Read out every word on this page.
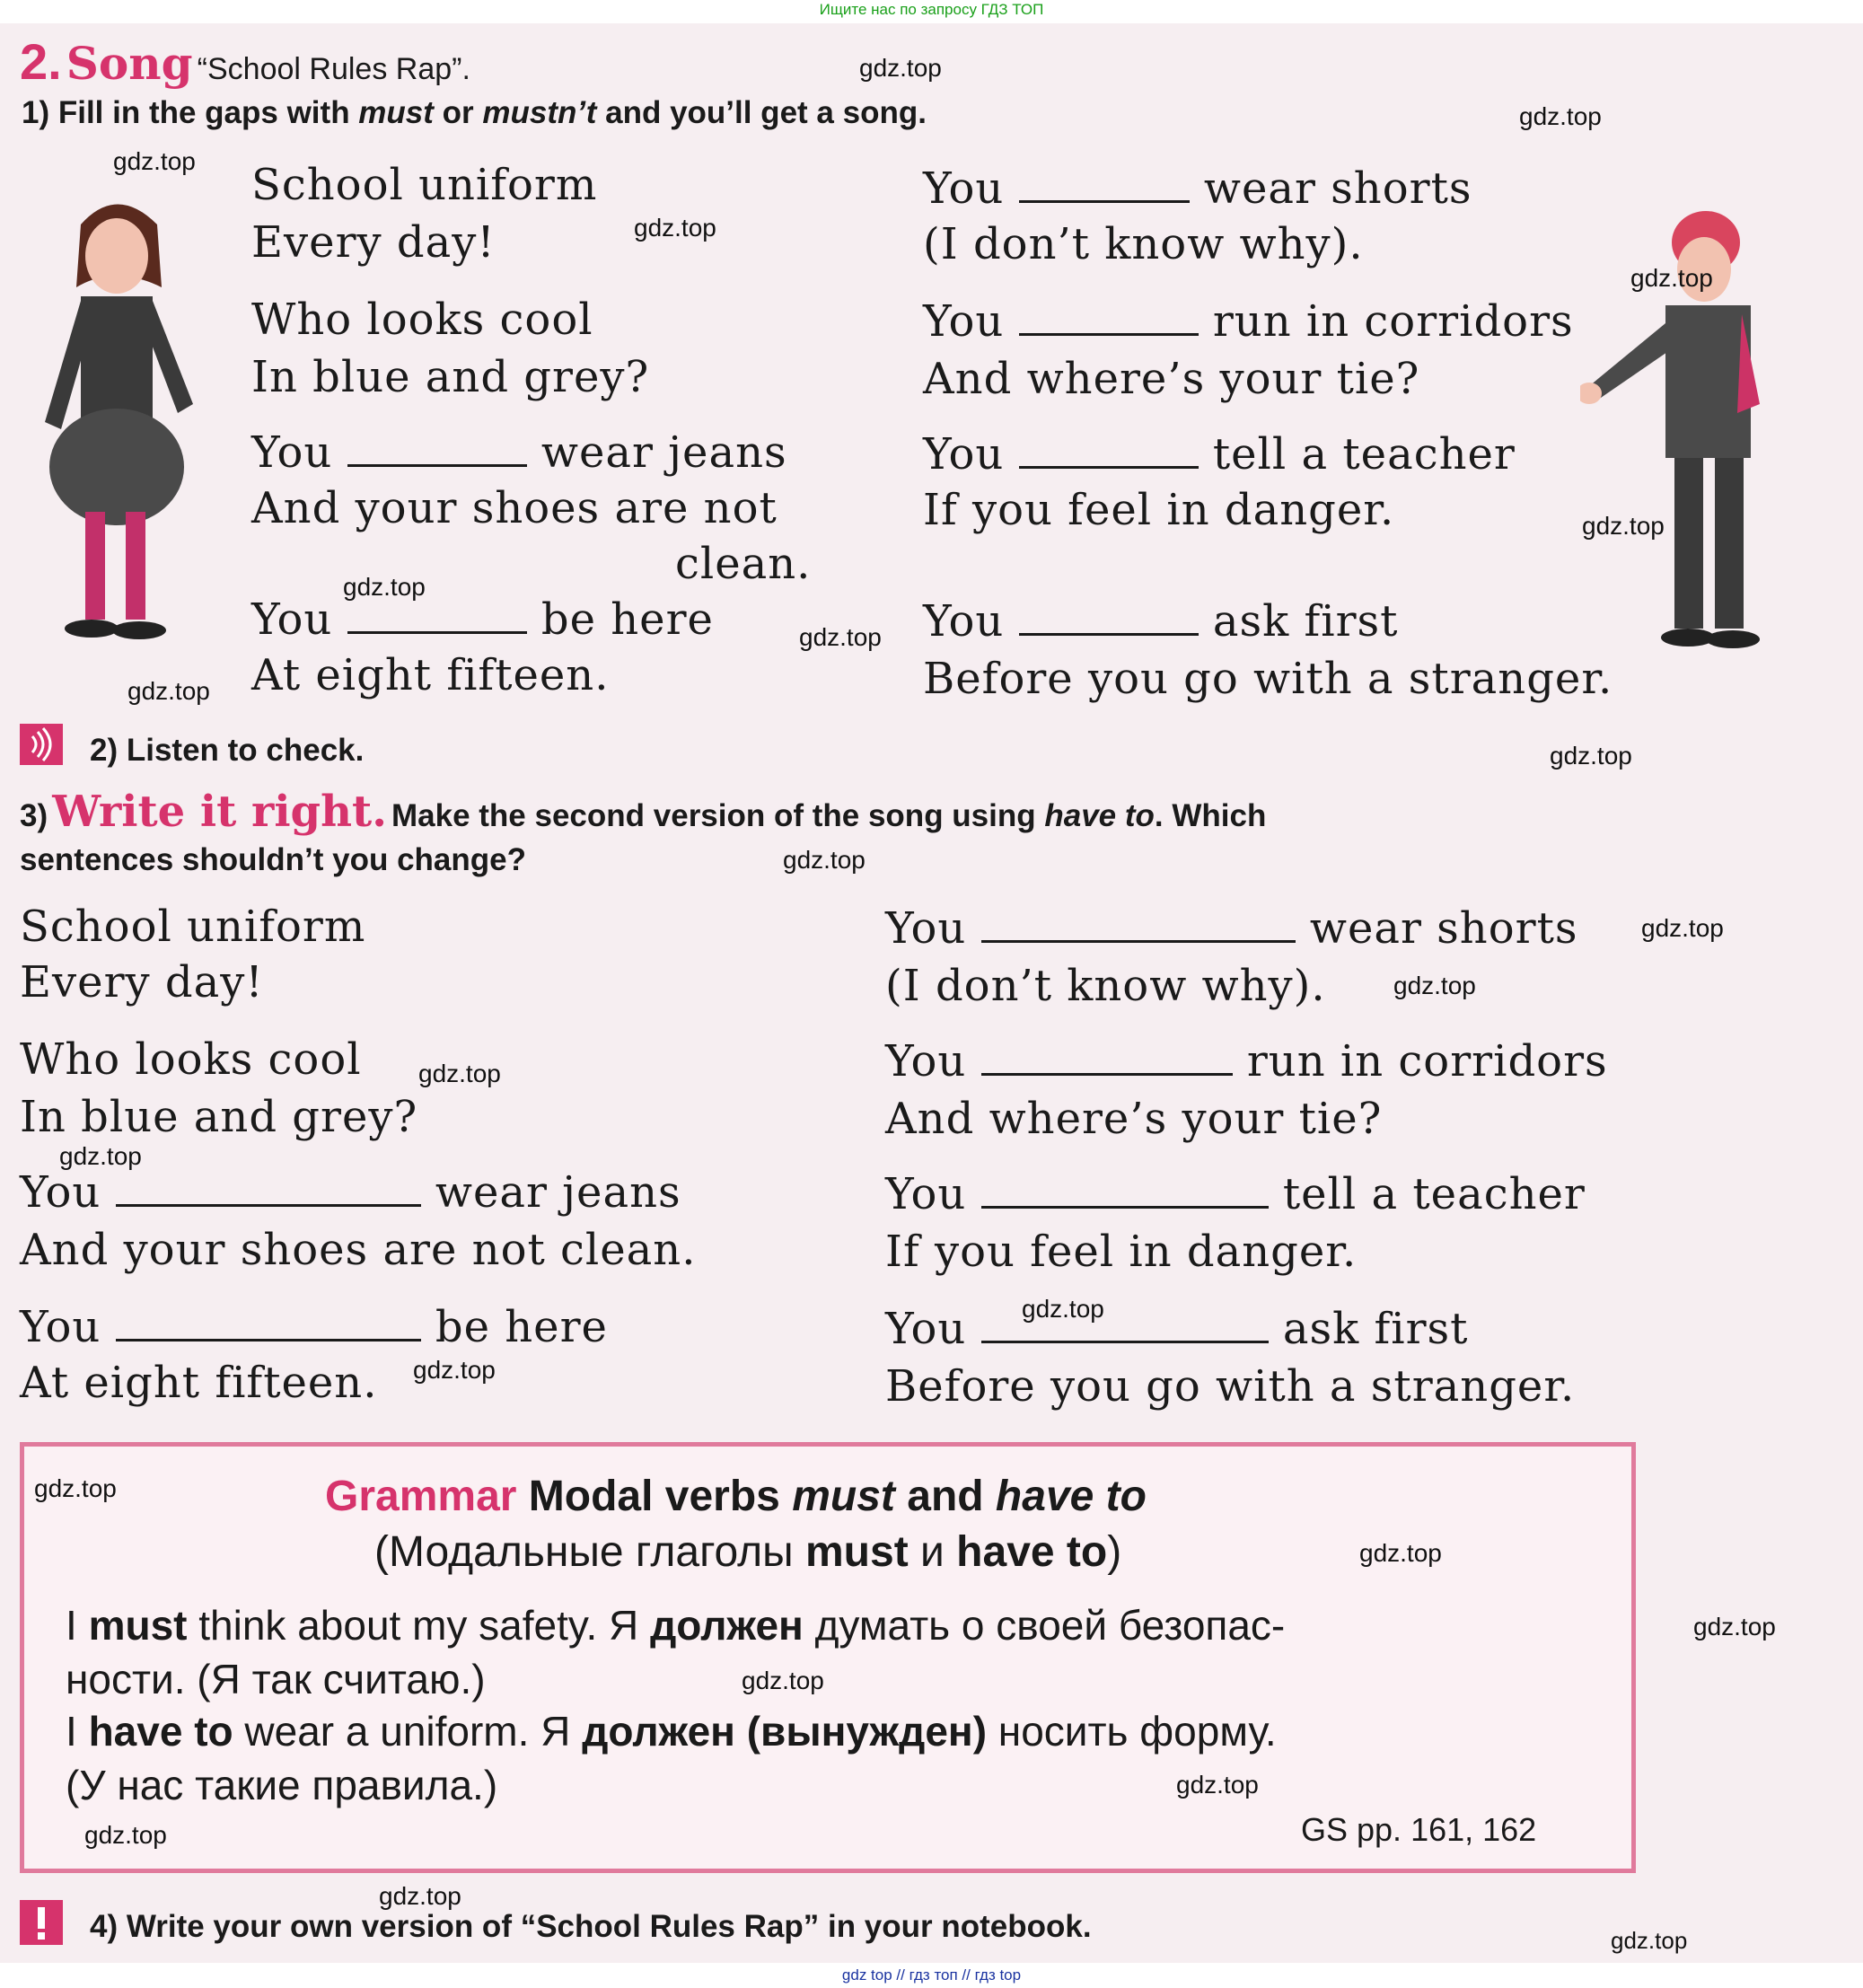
Ищите нас по запросу ГДЗ ТОП
2. Song “School Rules Rap”.
1) Fill in the gaps with must or mustn’t and you’ll get a song.
School uniform
Every day!
Who looks cool
In blue and grey?
You	wear jeans
And your shoes are not
clean.
You	be here
At eight fifteen.
You	wear shorts
(I don’t know why).
You	run in corridors
And where’s your tie?
You	tell a teacher
If you feel in danger.
You	ask first
Before you go with a stranger.
2) Listen to check.
3) Write it right. Make the second version of the song using have to. Which
sentences shouldn’t you change?
School uniform
Every day!
Who looks cool
In blue and grey?
You	wear jeans
And your shoes are not clean.
You	be here
At eight fifteen.
You	wear shorts
(I don’t know why).
You	run in corridors
And where’s your tie?
You	tell a teacher
If you feel in danger.
You	ask first
Before you go with a stranger.
Grammar Modal verbs must and have to
(Модальные глаголы must и have to)
I must think about my safety. Я должен думать о своей безопас-
ности. (Я так считаю.)
I have to wear a uniform. Я должен (вынужден) носить форму.
(У нас такие правила.)
GS pp. 161, 162
4) Write your own version of “School Rules Rap” in your notebook.
gdz.top
gdz.top
gdz.top
gdz.top
gdz.top
gdz.top
gdz.top
gdz.top
gdz.top
gdz.top
gdz.top
gdz.top
gdz.top
gdz.top
gdz.top
gdz.top
gdz.top
gdz.top
gdz.top
gdz.top
gdz.top
gdz.top
gdz.top
gdz.top
gdz.top
gdz top // гдз топ // гдз top
